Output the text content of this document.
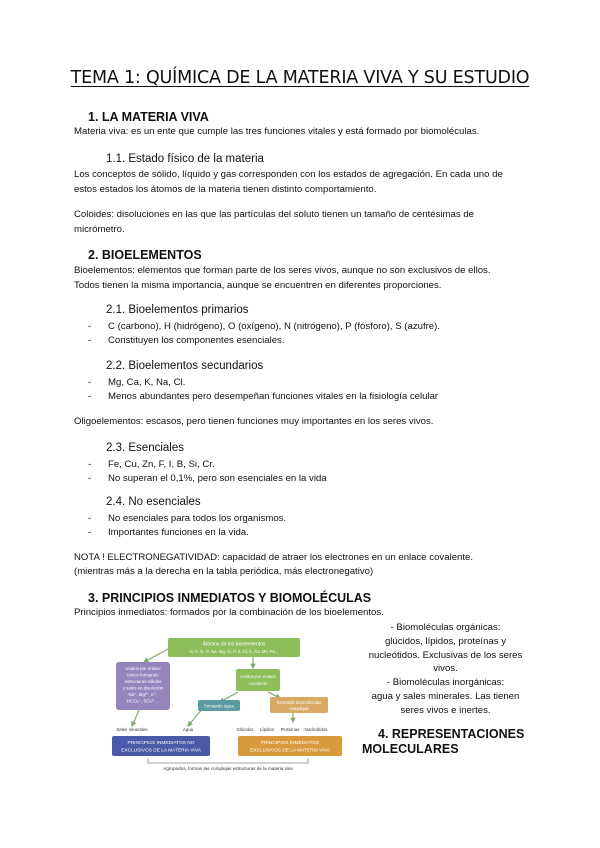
TEMA 1: QUÍMICA DE LA MATERIA VIVA Y SU ESTUDIO
1. LA MATERIA VIVA
Materia viva: es un ente que cumple las tres funciones vitales y está formado por biomoléculas.
1.1. Estado físico de la materia
Los conceptos de sólido, líquido y gas corresponden con los estados de agregación. En cada uno de
estos estados los átomos de la materia tienen distinto comportamiento.
Coloides: disoluciones en las que las partículas del soluto tienen un tamaño de centésimas de
micrómetro.
2. BIOELEMENTOS
Bioelementos: elementos que forman parte de los seres vivos, aunque no son exclusivos de ellos.
Todos tienen la misma importancia, aunque se encuentren en diferentes proporciones.
2.1. Bioelementos primarios
- C (carbono), H (hidrógeno), O (oxígeno), N (nitrógeno), P (fósforo), S (azufre).
- Constituyen los componentes esenciales.
2.2. Bioelementos secundarios
- Mg, Ca, K, Na, Cl.
- Menos abundantes pero desempeñan funciones vitales en la fisiología celular
Oligoelementos: escasos, pero tienen funciones muy importantes en los seres vivos.
2.3. Esenciales
- Fe, Cu, Zn, F, I, B, Si, Cr.
- No superan el 0,1%, pero son esenciales en la vida
2.4. No esenciales
- No esenciales para todos los organismos.
- Importantes funciones en la vida.
NOTA ! ELECTRONEGATIVIDAD: capacidad de atraer los electrones en un enlace covalente.
(mientras más a la derecha en la tabla periódica, más electronegativo)
3. PRINCIPIOS INMEDIATOS Y BIOMOLÉCULAS
Principios inmediatos: formados por la combinación de los bioelementos.
Átomos de los bioelementos
H, C, N, O, Na, Mg, Si, P, S, Cl, K, Ca, Mn, Fe...
Unidos por enlace
iónico formando
estructuras sólidas
y sales en disolución
Na⁺, Mg²⁺, K⁺,
HCO₃⁻, SO₄²⁻...
Unidos por enlace
covalente
formando agua
formando biomoléculas
complejas
Sales minerales	Agua	Glúcidos Lípidos Proteínas Nucleótidos
PRINCIPIOS INMEDIATOS NO
EXCLUSIVOS DE LA MATERIA VIVA
PRINCIPIOS INMEDIATOS
EXCLUSIVOS DE LA MATERIA VIVA
Agrupados, forman las complejas estructuras de la materia viva
- Biomoléculas orgánicas:
glúcidos, lípidos, proteínas y
nucleótidos. Exclusivas de los seres
vivos.
- Biomoléculas inorgánicas:
agua y sales minerales. Las tienen
seres vivos e inertes.
4. REPRESENTACIONES
MOLECULARES
